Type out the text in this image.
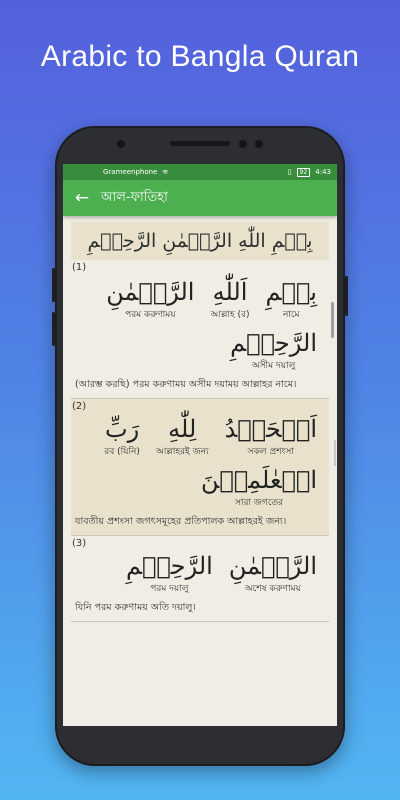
Arabic to Bangla Quran
Grameenphone ≋	▯	92	4:43
← আল-ফাতিহা
بِسۡمِ اللّٰهِ الرَّحۡمٰنِ الرَّحِيۡمِ
(1)
بِسۡمِ
নামে
اَللّٰهِ
আল্লাহ (র)
الرَّحۡمٰنِ
পরম করুণাময়
الرَّحِيۡمِ
অসীম দয়ালু
(আরম্ভ করছি) পরম করুণাময় অসীম দয়াময় আল্লাহর নামে।
(2)
اَلۡحَمۡدُ
সকল প্রশংসা
لِلّٰهِ
আল্লাহরই জন্য
رَبِّ
(যিনি) রব
الۡعٰلَمِيۡنَ
সারা জগতের
যাবতীয় প্রশংসা জগৎসমূহের প্রতিপালক আল্লাহরই জন্য।
(3)
الرَّحۡمٰنِ
অশেষ করুণাময়
الرَّحِيۡمِ
পরম দয়ালু
যিনি পরম করুণাময় অতি দয়ালু।
